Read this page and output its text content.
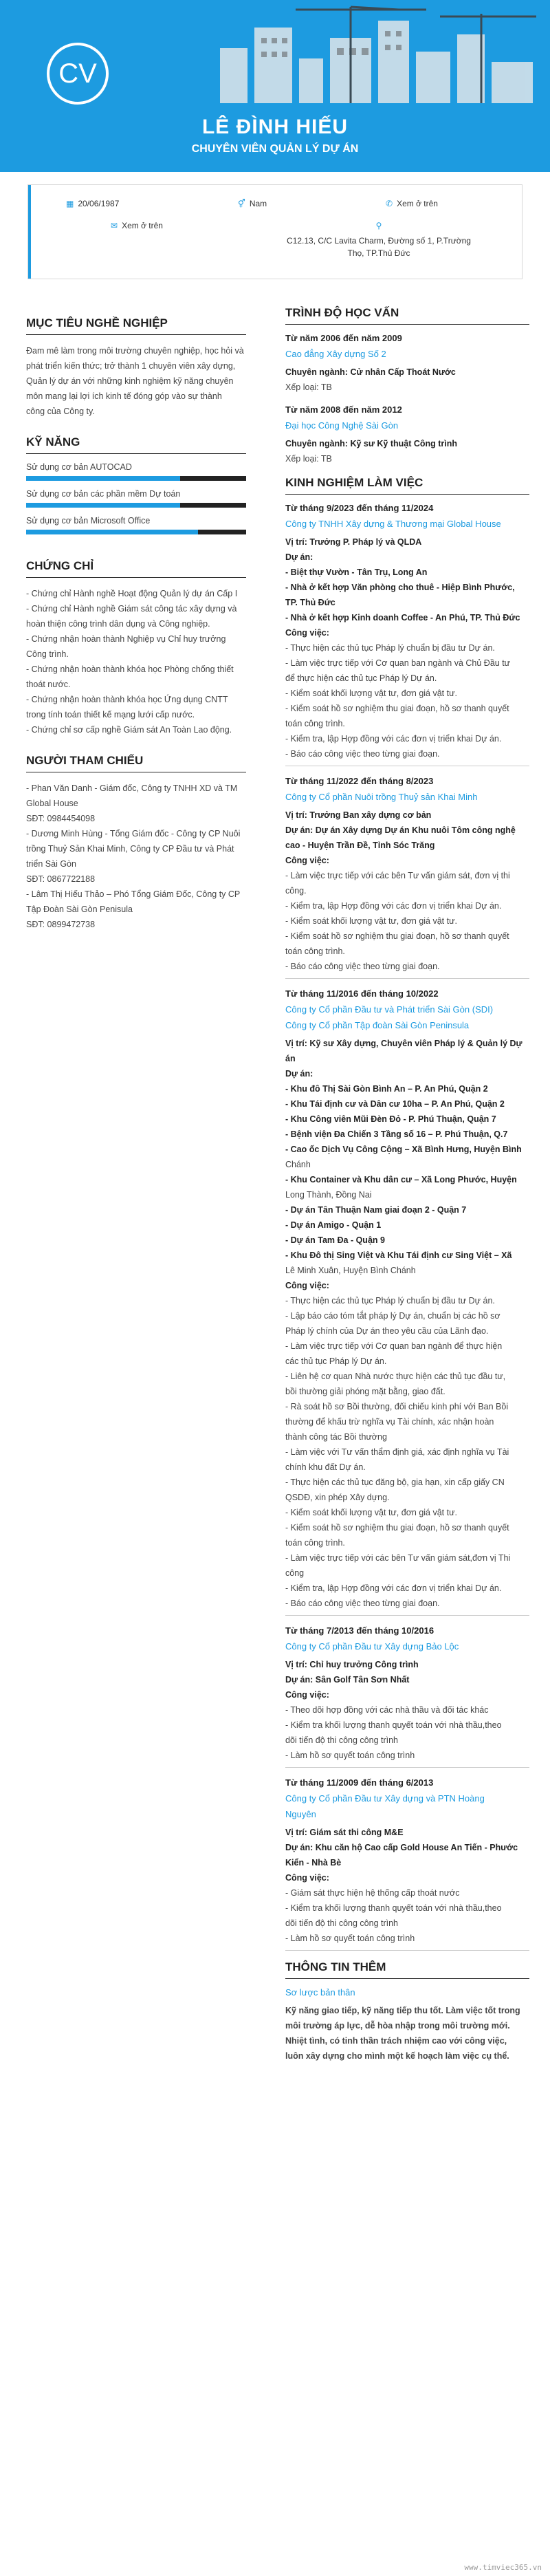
CV
LÊ ĐÌNH HIẾU
CHUYÊN VIÊN QUẢN LÝ DỰ ÁN
▦ 20/06/1987	⚥ Nam	✆ Xem ở trên
✉ Xem ở trên	⚲
C12.13, C/C Lavita Charm, Đường số 1, P.Trường
Thọ, TP.Thủ Đức
MỤC TIÊU NGHỀ NGHIỆP
Đam mê làm trong môi trường chuyên nghiệp, học hỏi và
phát triển kiến thức; trở thành 1 chuyên viên xây dựng,
Quản lý dự án với những kinh nghiệm kỹ năng chuyên
môn mang lại lợi ích kinh tế đóng góp vào sự thành
công của Công ty.
KỸ NĂNG
Sử dụng cơ bản AUTOCAD
Sử dụng cơ bản các phần mềm Dự toán
Sử dụng cơ bản Microsoft Office
CHỨNG CHỈ
- Chứng chỉ Hành nghề Hoạt động Quản lý dự án Cấp I
- Chứng chỉ Hành nghề Giám sát công tác xây dựng và
hoàn thiện công trình dân dụng và Công nghiệp.
- Chứng nhận hoàn thành Nghiệp vụ Chỉ huy trưởng
Công trình.
- Chứng nhận hoàn thành khóa học Phòng chống thiết
thoát nước.
- Chứng nhận hoàn thành khóa học Ứng dụng CNTT
trong tính toán thiết kế mạng lưới cấp nước.
- Chứng chỉ sơ cấp nghề Giám sát An Toàn Lao động.
NGƯỜI THAM CHIẾU
- Phan Văn Danh - Giám đốc, Công ty TNHH XD và TM
Global House
SĐT: 0984454098
- Dương Minh Hùng - Tổng Giám đốc - Công ty CP Nuôi
trồng Thuỷ Sản Khai Minh, Công ty CP Đầu tư và Phát
triển Sài Gòn
SĐT: 0867722188
- Lâm Thị Hiếu Thảo – Phó Tổng Giám Đốc, Công ty CP
Tập Đoàn Sài Gòn Penisula
SĐT: 0899472738
TRÌNH ĐỘ HỌC VẤN
Từ năm 2006 đến năm 2009
Cao đẳng Xây dựng Số 2
Chuyên ngành: Cử nhân Cấp Thoát Nước
Xếp loại: TB
Từ năm 2008 đến năm 2012
Đại học Công Nghệ Sài Gòn
Chuyên ngành: Kỹ sư Kỹ thuật Công trình
Xếp loại: TB
KINH NGHIỆM LÀM VIỆC
Từ tháng 9/2023 đến tháng 11/2024
Công ty TNHH Xây dựng & Thương mại Global House
Vị trí: Trưởng P. Pháp lý và QLDA
Dự án:
- Biệt thự Vườn - Tân Trụ, Long An
- Nhà ở kết hợp Văn phòng cho thuê - Hiệp Bình Phước,
TP. Thủ Đức
- Nhà ở kết hợp Kinh doanh Coffee - An Phú, TP. Thủ Đức
Công việc:
- Thực hiện các thủ tục Pháp lý chuẩn bị đầu tư Dự án.
- Làm việc trực tiếp với Cơ quan ban ngành và Chủ Đầu tư
để thực hiện các thủ tục Pháp lý Dự án.
- Kiểm soát khối lượng vật tư, đơn giá vật tư.
- Kiểm soát hồ sơ nghiệm thu giai đoạn, hồ sơ thanh quyết
toán công trình.
- Kiểm tra, lập Hợp đồng với các đơn vị triển khai Dự án.
- Báo cáo công việc theo từng giai đoạn.
Từ tháng 11/2022 đến tháng 8/2023
Công ty Cổ phần Nuôi trồng Thuỷ sản Khai Minh
Vị trí: Trưởng Ban xây dựng cơ bản
Dự án: Dự án Xây dựng Dự án Khu nuôi Tôm công nghệ
cao - Huyện Trần Đề, Tỉnh Sóc Trăng
Công việc:
- Làm việc trực tiếp với các bên Tư vấn giám sát, đơn vị thi
công.
- Kiểm tra, lập Hợp đồng với các đơn vị triển khai Dự án.
- Kiểm soát khối lượng vật tư, đơn giá vật tư.
- Kiểm soát hồ sơ nghiệm thu giai đoạn, hồ sơ thanh quyết
toán công trình.
- Báo cáo công việc theo từng giai đoạn.
Từ tháng 11/2016 đến tháng 10/2022
Công ty Cổ phần Đầu tư và Phát triển Sài Gòn (SDI)
Công ty Cổ phần Tập đoàn Sài Gòn Peninsula
Vị trí: Kỹ sư Xây dựng, Chuyên viên Pháp lý & Quản lý Dự
án
Dự án:
- Khu đô Thị Sài Gòn Bình An – P. An Phú, Quận 2
- Khu Tái định cư và Dân cư 10ha – P. An Phú, Quận 2
- Khu Công viên Mũi Đèn Đỏ - P. Phú Thuận, Quận 7
- Bệnh viện Đa Chiến 3 Tầng số 16 – P. Phú Thuận, Q.7
- Cao ốc Dịch Vụ Công Cộng – Xã Bình Hưng, Huyện Bình
Chánh
- Khu Container và Khu dân cư – Xã Long Phước, Huyện
Long Thành, Đồng Nai
- Dự án Tân Thuận Nam giai đoạn 2 - Quận 7
- Dự án Amigo - Quận 1
- Dự án Tam Đa - Quận 9
- Khu Đô thị Sing Việt và Khu Tái định cư Sing Việt – Xã
Lê Minh Xuân, Huyện Bình Chánh
Công việc:
- Thực hiện các thủ tục Pháp lý chuẩn bị đầu tư Dự án.
- Lập báo cáo tóm tắt pháp lý Dự án, chuẩn bị các hồ sơ
Pháp lý chính của Dự án theo yêu cầu của Lãnh đạo.
- Làm việc trực tiếp với Cơ quan ban ngành để thực hiện
các thủ tục Pháp lý Dự án.
- Liên hệ cơ quan Nhà nước thực hiện các thủ tục đầu tư,
bồi thường giải phóng mặt bằng, giao đất.
- Rà soát hồ sơ Bồi thường, đối chiếu kinh phí với Ban Bồi
thường để khấu trừ nghĩa vụ Tài chính, xác nhận hoàn
thành công tác Bồi thường
- Làm việc với Tư vấn thẩm định giá, xác định nghĩa vụ Tài
chính khu đất Dự án.
- Thực hiện các thủ tục đăng bộ, gia hạn, xin cấp giấy CN
QSDĐ, xin phép Xây dựng.
- Kiểm soát khối lượng vật tư, đơn giá vật tư.
- Kiểm soát hồ sơ nghiệm thu giai đoạn, hồ sơ thanh quyết
toán công trình.
- Làm việc trực tiếp với các bên Tư vấn giám sát,đơn vị Thi
công
- Kiểm tra, lập Hợp đồng với các đơn vị triển khai Dự án.
- Báo cáo công việc theo từng giai đoạn.
Từ tháng 7/2013 đến tháng 10/2016
Công ty Cổ phần Đầu tư Xây dựng Bảo Lộc
Vị trí: Chỉ huy trưởng Công trình
Dự án: Sân Golf Tân Sơn Nhất
Công việc:
- Theo dõi hợp đồng với các nhà thầu và đối tác khác
- Kiểm tra khối lượng thanh quyết toán với nhà thầu,theo
dõi tiến độ thi công công trình
- Làm hồ sơ quyết toán công trình
Từ tháng 11/2009 đến tháng 6/2013
Công ty Cổ phần Đầu tư Xây dựng và PTN Hoàng
Nguyên
Vị trí: Giám sát thi công M&E
Dự án: Khu căn hộ Cao cấp Gold House An Tiến - Phước
Kiển - Nhà Bè
Công việc:
- Giám sát thực hiện hệ thống cấp thoát nước
- Kiểm tra khối lượng thanh quyết toán với nhà thầu,theo
dõi tiến độ thi công công trình
- Làm hồ sơ quyết toán công trình
THÔNG TIN THÊM
Sơ lược bản thân
Kỹ năng giao tiếp, kỹ năng tiếp thu tốt. Làm việc tốt trong
môi trường áp lực, dễ hòa nhập trong môi trường mới.
Nhiệt tình, có tinh thần trách nhiệm cao với công việc,
luôn xây dựng cho mình một kế hoạch làm việc cụ thể.
www.timviec365.vn
